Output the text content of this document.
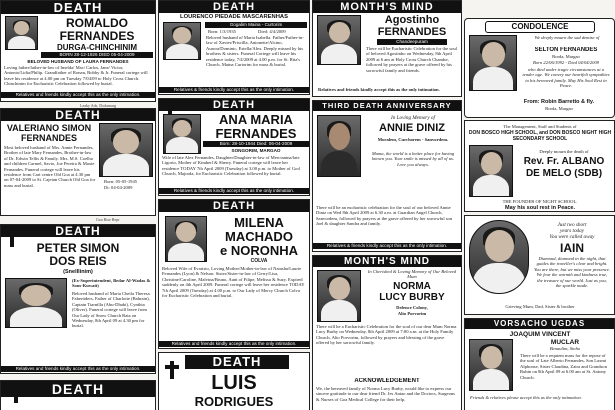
DEATH
ROMALDO
FERNANDES
DURGA-CHINCHINIM
BORN 28-12-1926 DIED 05-04-2009
BELOVED HUSBAND OF LAURA FERNANDES
Loving father/father-in-law of Imelda/ Mac/ Carlos, Jane/ Victor, Antonio/Lidia/Philip. Grandfather of Ronan, Bobby & Jr. Funeral cortege will leave his residence at 4.00 pm on Tuesday 7/04/09 to Holy Cross Church. Chinchinim for Eucharistic Celebration followed by burial.
Relatives and friends kindly accept this as the only intimation.
Leaky Ads, Dodamarg
DEATH
VALERIANO SIMON
FERNANDES
Most beloved husband of Mrs. Annie Fernandes, Brother of late Mary Fernandes, Brother-in-law of Dr. Edwin Tellis & Family. Mrs. M.S. Coelho and children Carmel, Savio, Joe Pereira & Maxie Fernandes. Funeral cortege will leave his residence from Cart centre Old Goa at 4.30 pm on 07-04-2009 to St. Cajetan Church Old Goa for mass and burial.
Born: 05-05-1945
Dt: 04-04-2009
Goa Rise Repr
DEATH
PETER SIMON
DOS REIS
(Snelllinim)
(Ex-Superintendent, Bedar Al-Wadas & Sons-Kuwait)
Beloved husband of Maria Cheila Theresa Fahertiders, Father of Charlotte (Bahrain), Captain Tiarnilla (Abu-Dhabi), Cynthia (Oliver). Funeral cortege will leave from Our Lady of Snow Church Raia on Wednesday, 8th April 09 at 4.30 pm for burial.
Relatives and friends kindly accept this as the only intimation.
DEATH
DEATH
LOURENCO PIEDADE MASCARENHAS
Gogalim Maina - Curtorim
Born: 1/3/1935	Died: 4/4/2009
Beloved husband of Maria Isabella. Father/Father-in-law of Xavier/Priscilla, Antonette/Alcino, Aurora/Dominic, Estella/Alex. Deeply missed by his brothers & sisters. Funeral Cortege will leave his residence today, 7/4/2009 at 4.00 p.m. for St. Rita's Church, Maina Curtorim for mass & burial.
Relatives & friends kindly accept this as the only intimation.
DEATH
ANA MARIA
FERNANDES
Born: 28-10-1944 Died: 06-04-2009
SONGORIM, MARGAO
Wife of late Alex Fernandes, Daughter/Daughter-in-law of Mercianina/late Ligorio, Mother of Kimberl & Sherry. Funeral cortege will leave her residence TODAY 7th April 2009 (Tuesday) at 3.00 p.m. to Mother of God Church, Majorda, for Eucharistic Celebration followed by burial.
Relatives & friends kindly accept this as the only intimation.
DEATH
MILENA
MACHADO
e NORONHA
COLVA
Beloved Wife of Evaristo, Loving Mother/Mother-in-law of Natasha/Laurie Fernandes (Lyon) & Nelson. Sister/Sister-in-law of Gerry/Lisa, Christine/Caroline, Malvina/Bruno, Aunt of Filipe, Melissa & Suzy. Expired suddenly on 4th April 2009. Funeral cortege will leave her residence TODAY 7th April 2009 (Tuesday) at 4.00 p.m. to Our Lady of Mercy Church Colva for Eucharistic Celebration and burial.
Relatives and friends kindly accept this as the only intimation.
DEATH
LUIS
RODRIGUES
MONTH'S MIND
Agostinho
FERNANDES
Chandeepuram
There will be Eucharistic Celebration for the soul of beloved Agostinho on Wednesday, 8th April 2009 at 6 am at Holy Cross Church Chandor, followed by prayers at the grave offered by his sorrowful family and friends.
Relatives and friends kindly accept this as the only intimation.
THIRD DEATH ANNIVERSARY
In Loving Memory of
ANNIE DINIZ
Moralem, Curchorem - Sanvordem.
Mama, the world is a better place for having known you. Your smile is missed by all of us. Love you always.
There will be an eucharistic celebration for the soul of our beloved Annie Diniz on Wed 8th April 2009 at 6.30 a.m. at Guardian Angel Church, Sanvordem, followed by prayers at the grave offered by her sorrowful son Joel & daughter Sandra and family.
Relatives & friends kindly accept this as the only intimation.
MONTH'S MIND
In Cherished & Loving Memory of Our Beloved Mum
NORMA
LUCY BURBY
Defence Colony,
Alto Porvorim
There will be a Eucharistic Celebration for the soul of our dear Mum Norma Lucy Burby on Wednesday, 8th April 2009 at 7:00 a.m. at the Holy Family Church, Alto Porvorim, followed by prayers and blessing of the grave offered by her sorrowful family.
ACKNOWLEDGEMENT
We, the bereaved family of Norma Lucy Burby, would like to express our sincere gratitude to our dear friend Dr. Jes Antao and the Doctors, Surgeons & Nurses of Goa Medical College for their help.
CONDOLENCE
We deeply mourn the sad demise of
SELTON FERNANDES
Borda, Margao
Born 22/06/1992 - Died 04/04/2009
who died under tragic circumstances at a tender age. We convey our heartfelt sympathies to his bereaved family. May His Soul Rest in Peace.
From: Robin Barretto & fly.
Borda, Margao
The Management, Staff and Students of
DON BOSCO HIGH SCHOOL, and DON BOSCO NIGHT HIGH
SECONDARY SCHOOL
Deeply mourn the death of
Rev. Fr. ALBANO
DE MELO (SDB)
THE FOUNDER OF NIGHT SCHOOL.
May his soul rest in Peace.
Just two short
years today
You were called away
IAIN
Diamond, diamond in the night, that guides the traveller's clear and bright. You are there, but we miss your presence. We fear the warmth and kindness true, the treasure of our world. Just as you, the sparkle made.
Grieving Mum, Dad, Sister & brother
VORSACHO UGDAS
JOAQUIM VINCENT
MUCLAR
Benaulim, Sinho
There will be a requiem mass for the repose of the soul of Late Alberto Fernandes, Son Laxmi Alphonse, Sister Claudina, Zaira and Grandson Rubin on 8th April 09 at 6.00 am at St. Antony Church.
Friends & relatives please accept this as the only intimation.
